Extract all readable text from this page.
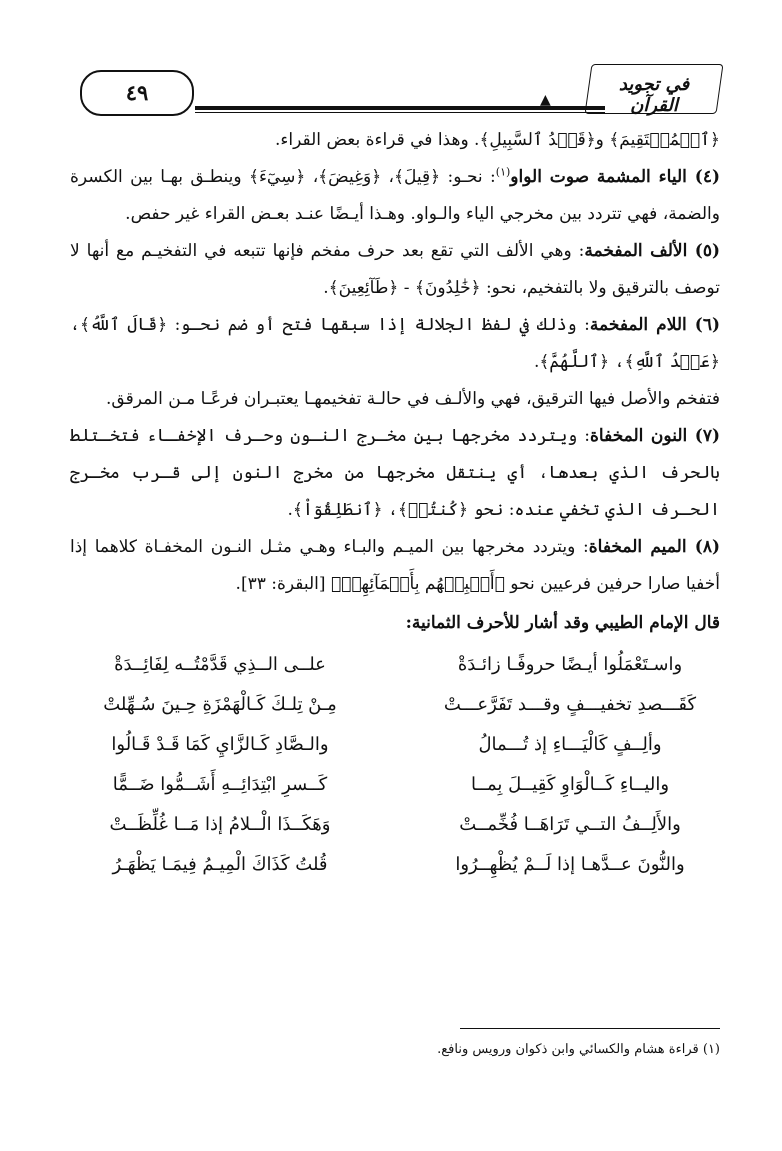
٤٩	▲
في تجويد القرآن

﴿ٱلۡمُسۡتَقِيمَ﴾ و﴿قَصۡدُ ٱلسَّبِيلِ﴾. وهذا في قراءة بعض القراء.

(٤) الياء المشمة صوت الواو$^{(١)}$: نحـو: ﴿قِيلَ﴾، ﴿وَغِيضَ﴾، ﴿سِيٓءَ﴾ وينطـق بهـا بين الكسرة والضمة، فهي تتردد بين مخرجي الياء والـواو. وهـذا أيـضًا عنـد بعـض القراء غير حفص.

(٥) الألف المفخمة: وهي الألف التي تقع بعد حرف مفخم فإنها تتبعه في التفخيـم مع أنها لا توصف بالترقيق ولا بالتفخيم، نحو: ﴿خَٰلِدُونَ﴾ - ﴿طَآئِعِينَ﴾.

(٦) اللام المفخمة: وذلك في لفظ الجلالة إذا سبقها فتح أو ضم نحـو: ﴿قَالَ ٱللَّهُ﴾، ﴿عَبۡدُ ٱللَّهِ﴾، ﴿ٱللَّهُمَّ﴾.

فتفخم والأصل فيها الترقيق، فهي والألـف في حالـة تفخيمهـا يعتبـران فرعًـا مـن المرقق.

(٧) النون المخفاة: ويتردد مخرجها بين مخـرج النـون وحـرف الإخفـاء فتخـتلط بالحرف الذي بعدها، أي ينتقل مخرجها من مخرج النون إلى قـرب مخـرج الحـرف الذي تخفي عنده: نحو ﴿كُنتُمۡ﴾، ﴿ٱنطَلِقُوٓاْ﴾.

(٨) الميم المخفاة: ويتردد مخرجها بين الميـم والبـاء وهـي مثـل النـون المخفـاة كلاهما إذا أخفيا صارا حرفين فرعيين نحو ﴿أَنۢبِئۡهُم بِأَسۡمَآئِهِمۡ﴾ [البقرة: ٣٣].

قال الإمام الطيبي وقد أشار للأحرف الثمانية:
واسـتَعْمَلُوا أيـضًا حروفًـا زائـدَةْ
علــى الــذِي قَدَّمْتُــه لِفَائِــدَةْ
كَقَـــصدِ تخفيـــفٍ وقـــد تَفَرَّعـــتْ
مِـنْ تِلـكَ كَـالْهَمْزَةِ حِـينَ سُـهِّلتْ
وألِــفٍ كَالْيَـــاءِ إذ تُـــمالُ
والـصَّادِ كَـالزَّايِ كَمَا قَـدْ قَـالُوا
واليــاءِ كَــالْوَاوِ كَقِيــلَ بِمــا
كَــسرِ ابْتِدَائِــهِ أَشَــمُّوا ضَــمًّا
والأَلِــفُ التــي تَرَاهَــا فُخِّمــتْ
وَهَكَــذَا الْــلامُ إذا مَــا غُلِّظَــتْ
والنُّونَ عــدَّهـا إذا لَــمْ يُظْهِــرُوا
قُلتُ كَذَاكَ الْمِيـمُ فِيمَـا يَظْهَـرُ
(١) قراءة هشام والكسائي وابن ذكوان ورويس ونافع.
